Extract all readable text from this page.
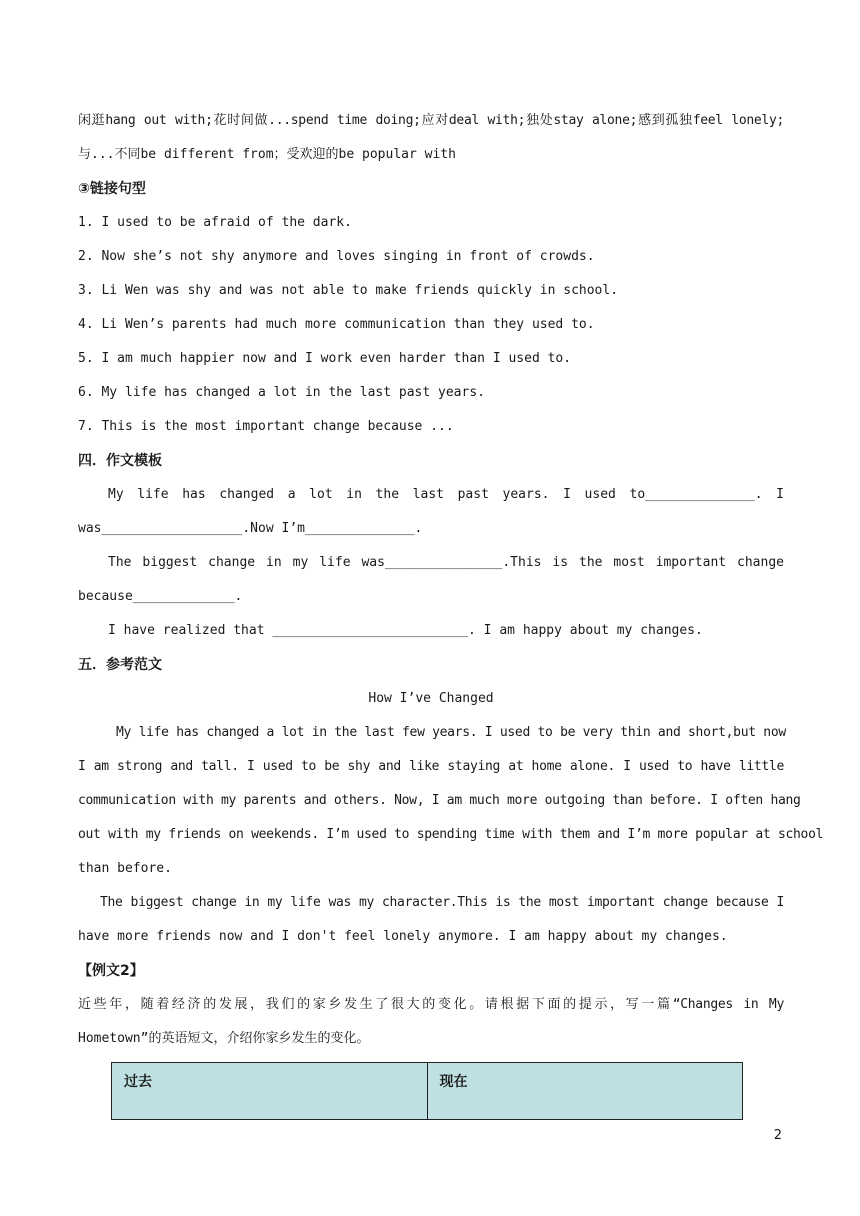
闲逛hang out with;花时间做...spend time doing;应对deal with;独处stay alone;感到孤独feel lonely;
与...不同be different from；受欢迎的be popular with
③链接句型
1. I used to be afraid of the dark.
2. Now she’s not shy anymore and loves singing in front of crowds.
3. Li Wen was shy and was not able to make friends quickly in school.
4. Li Wen’s parents had much more communication than they used to.
5. I am much happier now and I work even harder than I used to.
6. My life has changed a lot in the last past years.
7. This is the most important change because ...
四．作文模板
My life has changed a lot in the last past years. I used to______________. I
was__________________.Now I’m______________.
The biggest change in my life was_______________.This is the most important change
because_____________.
I have realized that _________________________. I am happy about my changes.
五．参考范文
How I’ve Changed
My life has changed a lot in the last few years. I used to be very thin and short,but now
I am strong and tall. I used to be shy and like staying at home alone. I used to have little
communication with my parents and others. Now, I am much more outgoing than before. I often hang
out with my friends on weekends. I’m used to spending time with them and I’m more popular at school
than before.
The biggest change in my life was my character.This is the most important change because I
have more friends now and I don't feel lonely anymore. I am happy about my changes.
【例文2】
近些年，随着经济的发展，我们的家乡发生了很大的变化。请根据下面的提示，写一篇“Changes in My
Hometown”的英语短文，介绍你家乡发生的变化。
过去	现在
2
